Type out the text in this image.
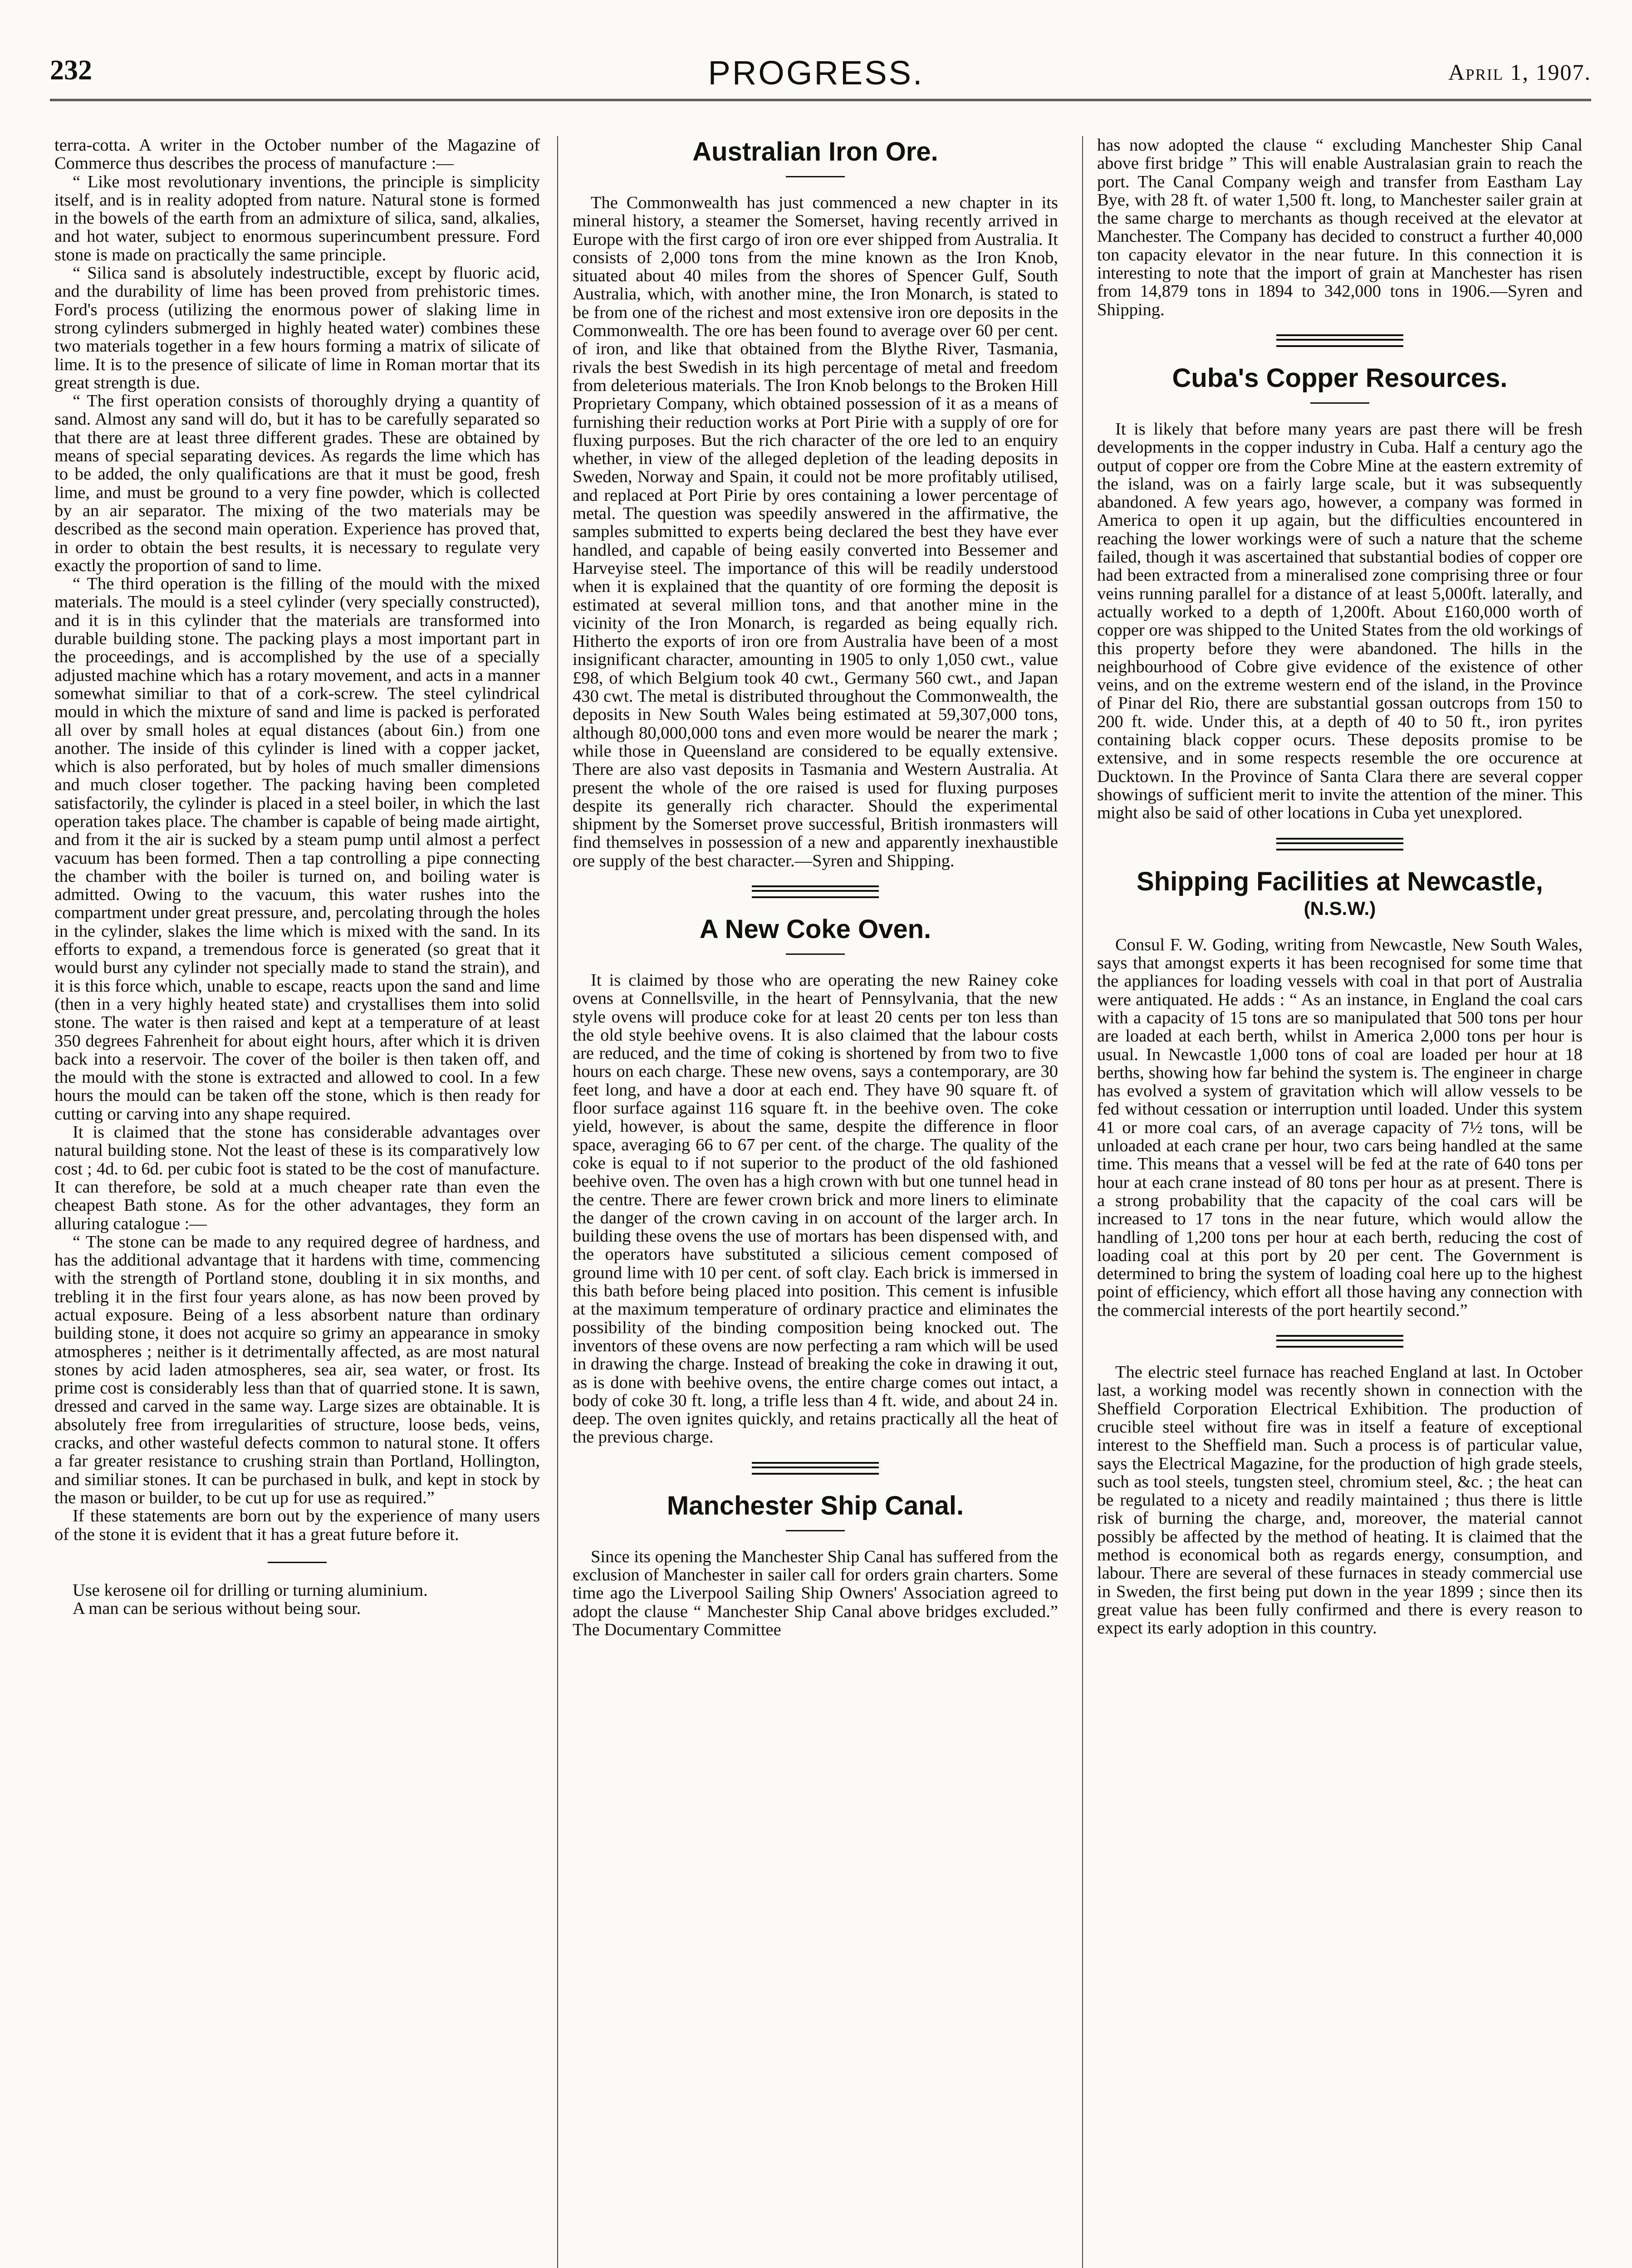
232	PROGRESS.	April 1, 1907.

terra-cotta. A writer in the October number of the Magazine of Commerce thus describes the process of manufacture :—

“ Like most revolutionary inventions, the principle is simplicity itself, and is in reality adopted from nature. Natural stone is formed in the bowels of the earth from an admixture of silica, sand, alkalies, and hot water, subject to enormous superincumbent pressure. Ford stone is made on practically the same principle.

“ Silica sand is absolutely indestructible, except by fluoric acid, and the durability of lime has been proved from prehistoric times. Ford's process (utilizing the enormous power of slaking lime in strong cylinders submerged in highly heated water) combines these two materials together in a few hours forming a matrix of silicate of lime. It is to the presence of silicate of lime in Roman mortar that its great strength is due.

“ The first operation consists of thoroughly drying a quantity of sand. Almost any sand will do, but it has to be carefully separated so that there are at least three different grades. These are obtained by means of special separating devices. As regards the lime which has to be added, the only qualifications are that it must be good, fresh lime, and must be ground to a very fine powder, which is collected by an air separator. The mixing of the two materials may be described as the second main operation. Experience has proved that, in order to obtain the best results, it is necessary to regulate very exactly the proportion of sand to lime.

“ The third operation is the filling of the mould with the mixed materials. The mould is a steel cylinder (very specially constructed), and it is in this cylinder that the materials are transformed into durable building stone. The packing plays a most important part in the proceedings, and is accomplished by the use of a specially adjusted machine which has a rotary movement, and acts in a manner somewhat similiar to that of a cork-screw. The steel cylindrical mould in which the mixture of sand and lime is packed is perforated all over by small holes at equal distances (about 6in.) from one another. The inside of this cylinder is lined with a copper jacket, which is also perforated, but by holes of much smaller dimensions and much closer together. The packing having been completed satisfactorily, the cylinder is placed in a steel boiler, in which the last operation takes place. The chamber is capable of being made airtight, and from it the air is sucked by a steam pump until almost a perfect vacuum has been formed. Then a tap controlling a pipe connecting the chamber with the boiler is turned on, and boiling water is admitted. Owing to the vacuum, this water rushes into the compartment under great pressure, and, percolating through the holes in the cylinder, slakes the lime which is mixed with the sand. In its efforts to expand, a tremendous force is generated (so great that it would burst any cylinder not specially made to stand the strain), and it is this force which, unable to escape, reacts upon the sand and lime (then in a very highly heated state) and crystallises them into solid stone. The water is then raised and kept at a temperature of at least 350 degrees Fahrenheit for about eight hours, after which it is driven back into a reservoir. The cover of the boiler is then taken off, and the mould with the stone is extracted and allowed to cool. In a few hours the mould can be taken off the stone, which is then ready for cutting or carving into any shape required.

It is claimed that the stone has considerable advantages over natural building stone. Not the least of these is its comparatively low cost ; 4d. to 6d. per cubic foot is stated to be the cost of manufacture. It can therefore, be sold at a much cheaper rate than even the cheapest Bath stone. As for the other advantages, they form an alluring catalogue :—

“ The stone can be made to any required degree of hardness, and has the additional advantage that it hardens with time, commencing with the strength of Portland stone, doubling it in six months, and trebling it in the first four years alone, as has now been proved by actual exposure. Being of a less absorbent nature than ordinary building stone, it does not acquire so grimy an appearance in smoky atmospheres ; neither is it detrimentally affected, as are most natural stones by acid laden atmospheres, sea air, sea water, or frost. Its prime cost is considerably less than that of quarried stone. It is sawn, dressed and carved in the same way. Large sizes are obtainable. It is absolutely free from irregularities of structure, loose beds, veins, cracks, and other wasteful defects common to natural stone. It offers a far greater resistance to crushing strain than Portland, Hollington, and similiar stones. It can be purchased in bulk, and kept in stock by the mason or builder, to be cut up for use as required.”

If these statements are born out by the experience of many users of the stone it is evident that it has a great future before it.

Use kerosene oil for drilling or turning aluminium.

A man can be serious without being sour.

Australian Iron Ore.

The Commonwealth has just commenced a new chapter in its mineral history, a steamer the Somerset, having recently arrived in Europe with the first cargo of iron ore ever shipped from Australia. It consists of 2,000 tons from the mine known as the Iron Knob, situated about 40 miles from the shores of Spencer Gulf, South Australia, which, with another mine, the Iron Monarch, is stated to be from one of the richest and most extensive iron ore deposits in the Commonwealth. The ore has been found to average over 60 per cent. of iron, and like that obtained from the Blythe River, Tasmania, rivals the best Swedish in its high percentage of metal and freedom from deleterious materials. The Iron Knob belongs to the Broken Hill Proprietary Company, which obtained possession of it as a means of furnishing their reduction works at Port Pirie with a supply of ore for fluxing purposes. But the rich character of the ore led to an enquiry whether, in view of the alleged depletion of the leading deposits in Sweden, Norway and Spain, it could not be more profitably utilised, and replaced at Port Pirie by ores containing a lower percentage of metal. The question was speedily answered in the affirmative, the samples submitted to experts being declared the best they have ever handled, and capable of being easily converted into Bessemer and Harveyise steel. The importance of this will be readily understood when it is explained that the quantity of ore forming the deposit is estimated at several million tons, and that another mine in the vicinity of the Iron Monarch, is regarded as being equally rich. Hitherto the exports of iron ore from Australia have been of a most insignificant character, amounting in 1905 to only 1,050 cwt., value £98, of which Belgium took 40 cwt., Germany 560 cwt., and Japan 430 cwt. The metal is distributed throughout the Commonwealth, the deposits in New South Wales being estimated at 59,307,000 tons, although 80,000,000 tons and even more would be nearer the mark ; while those in Queensland are considered to be equally extensive. There are also vast deposits in Tasmania and Western Australia. At present the whole of the ore raised is used for fluxing purposes despite its generally rich character. Should the experimental shipment by the Somerset prove successful, British ironmasters will find themselves in possession of a new and apparently inexhaustible ore supply of the best character.—Syren and Shipping.

A New Coke Oven.

It is claimed by those who are operating the new Rainey coke ovens at Connellsville, in the heart of Pennsylvania, that the new style ovens will produce coke for at least 20 cents per ton less than the old style beehive ovens. It is also claimed that the labour costs are reduced, and the time of coking is shortened by from two to five hours on each charge. These new ovens, says a contemporary, are 30 feet long, and have a door at each end. They have 90 square ft. of floor surface against 116 square ft. in the beehive oven. The coke yield, however, is about the same, despite the difference in floor space, averaging 66 to 67 per cent. of the charge. The quality of the coke is equal to if not superior to the product of the old fashioned beehive oven. The oven has a high crown with but one tunnel head in the centre. There are fewer crown brick and more liners to eliminate the danger of the crown caving in on account of the larger arch. In building these ovens the use of mortars has been dispensed with, and the operators have substituted a silicious cement composed of ground lime with 10 per cent. of soft clay. Each brick is immersed in this bath before being placed into position. This cement is infusible at the maximum temperature of ordinary practice and eliminates the possibility of the binding composition being knocked out. The inventors of these ovens are now perfecting a ram which will be used in drawing the charge. Instead of breaking the coke in drawing it out, as is done with beehive ovens, the entire charge comes out intact, a body of coke 30 ft. long, a trifle less than 4 ft. wide, and about 24 in. deep. The oven ignites quickly, and retains practically all the heat of the previous charge.

Manchester Ship Canal.

Since its opening the Manchester Ship Canal has suffered from the exclusion of Manchester in sailer call for orders grain charters. Some time ago the Liverpool Sailing Ship Owners' Association agreed to adopt the clause “ Manchester Ship Canal above bridges excluded.” The Documentary Committee

has now adopted the clause “ excluding Manchester Ship Canal above first bridge ” This will enable Australasian grain to reach the port. The Canal Company weigh and transfer from Eastham Lay Bye, with 28 ft. of water 1,500 ft. long, to Manchester sailer grain at the same charge to merchants as though received at the elevator at Manchester. The Company has decided to construct a further 40,000 ton capacity elevator in the near future. In this connection it is interesting to note that the import of grain at Manchester has risen from 14,879 tons in 1894 to 342,000 tons in 1906.—Syren and Shipping.

Cuba's Copper Resources.

It is likely that before many years are past there will be fresh developments in the copper industry in Cuba. Half a century ago the output of copper ore from the Cobre Mine at the eastern extremity of the island, was on a fairly large scale, but it was subsequently abandoned. A few years ago, however, a company was formed in America to open it up again, but the difficulties encountered in reaching the lower workings were of such a nature that the scheme failed, though it was ascertained that substantial bodies of copper ore had been extracted from a mineralised zone comprising three or four veins running parallel for a distance of at least 5,000ft. laterally, and actually worked to a depth of 1,200ft. About £160,000 worth of copper ore was shipped to the United States from the old workings of this property before they were abandoned. The hills in the neighbourhood of Cobre give evidence of the existence of other veins, and on the extreme western end of the island, in the Province of Pinar del Rio, there are substantial gossan outcrops from 150 to 200 ft. wide. Under this, at a depth of 40 to 50 ft., iron pyrites containing black copper ocurs. These deposits promise to be extensive, and in some respects resemble the ore occurence at Ducktown. In the Province of Santa Clara there are several copper showings of sufficient merit to invite the attention of the miner. This might also be said of other locations in Cuba yet unexplored.

Shipping Facilities at Newcastle,
(N.S.W.)

Consul F. W. Goding, writing from Newcastle, New South Wales, says that amongst experts it has been recognised for some time that the appliances for loading vessels with coal in that port of Australia were antiquated. He adds : “ As an instance, in England the coal cars with a capacity of 15 tons are so manipulated that 500 tons per hour are loaded at each berth, whilst in America 2,000 tons per hour is usual. In Newcastle 1,000 tons of coal are loaded per hour at 18 berths, showing how far behind the system is. The engineer in charge has evolved a system of gravitation which will allow vessels to be fed without cessation or interruption until loaded. Under this system 41 or more coal cars, of an average capacity of 7½ tons, will be unloaded at each crane per hour, two cars being handled at the same time. This means that a vessel will be fed at the rate of 640 tons per hour at each crane instead of 80 tons per hour as at present. There is a strong probability that the capacity of the coal cars will be increased to 17 tons in the near future, which would allow the handling of 1,200 tons per hour at each berth, reducing the cost of loading coal at this port by 20 per cent. The Government is determined to bring the system of loading coal here up to the highest point of efficiency, which effort all those having any connection with the commercial interests of the port heartily second.”

The electric steel furnace has reached England at last. In October last, a working model was recently shown in connection with the Sheffield Corporation Electrical Exhibition. The production of crucible steel without fire was in itself a feature of exceptional interest to the Sheffield man. Such a process is of particular value, says the Electrical Magazine, for the production of high grade steels, such as tool steels, tungsten steel, chromium steel, &c. ; the heat can be regulated to a nicety and readily maintained ; thus there is little risk of burning the charge, and, moreover, the material cannot possibly be affected by the method of heating. It is claimed that the method is economical both as regards energy, consumption, and labour. There are several of these furnaces in steady commercial use in Sweden, the first being put down in the year 1899 ; since then its great value has been fully confirmed and there is every reason to expect its early adoption in this country.
